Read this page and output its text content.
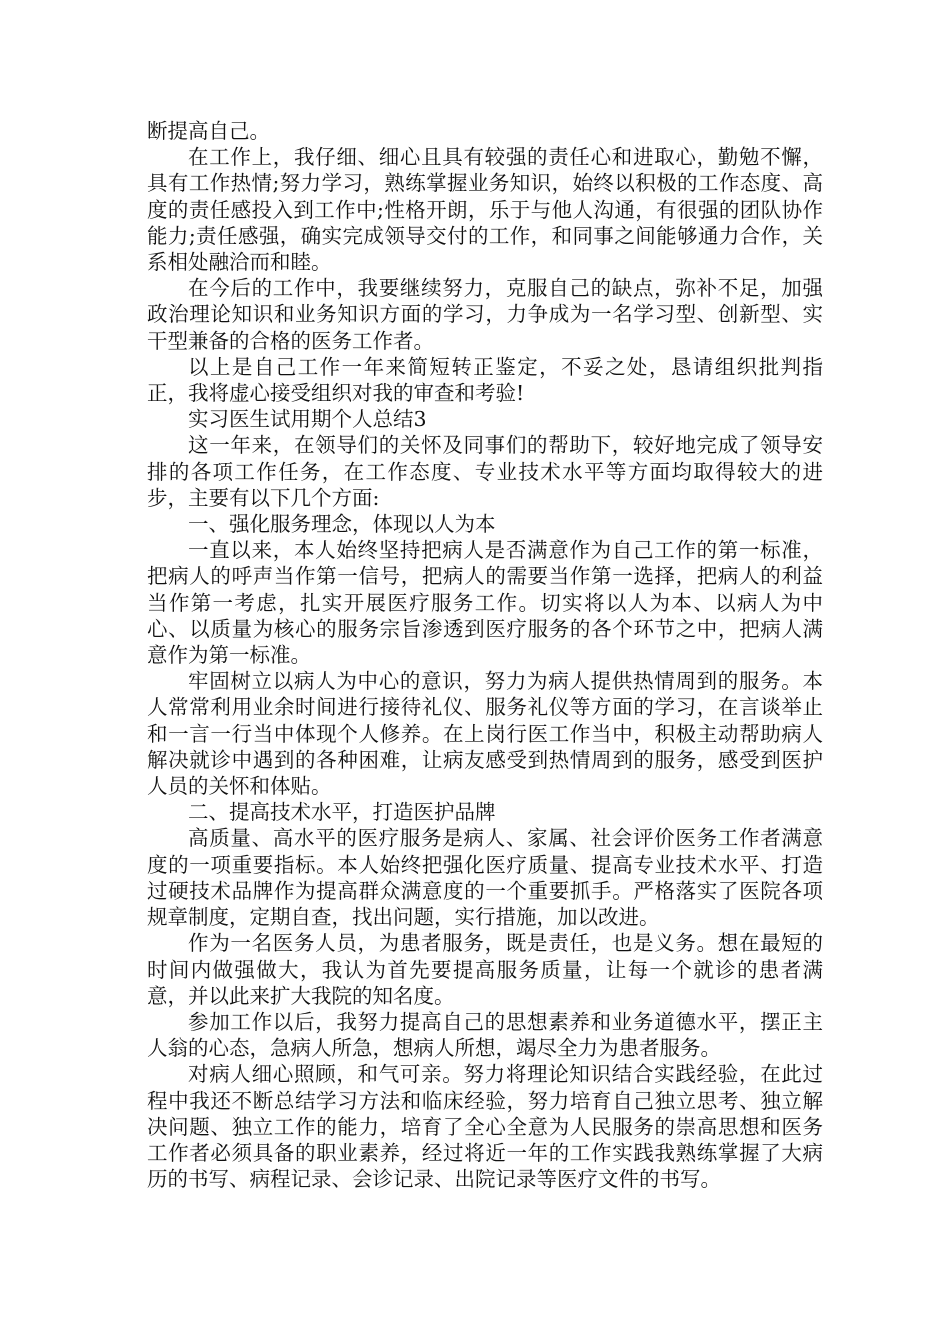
断提高自己。

在工作上，我仔细、细心且具有较强的责任心和进取心，勤勉不懈，具有工作热情;努力学习，熟练掌握业务知识，始终以积极的工作态度、高度的责任感投入到工作中;性格开朗，乐于与他人沟通，有很强的团队协作能力;责任感强，确实完成领导交付的工作，和同事之间能够通力合作，关系相处融洽而和睦。

在今后的工作中，我要继续努力，克服自己的缺点，弥补不足，加强政治理论知识和业务知识方面的学习，力争成为一名学习型、创新型、实干型兼备的合格的医务工作者。

以上是自己工作一年来简短转正鉴定，不妥之处，恳请组织批判指正，我将虚心接受组织对我的审查和考验!

实习医生试用期个人总结3

这一年来，在领导们的关怀及同事们的帮助下，较好地完成了领导安排的各项工作任务，在工作态度、专业技术水平等方面均取得较大的进步，主要有以下几个方面:

一、强化服务理念，体现以人为本

一直以来，本人始终坚持把病人是否满意作为自己工作的第一标准，把病人的呼声当作第一信号，把病人的需要当作第一选择，把病人的利益当作第一考虑，扎实开展医疗服务工作。切实将以人为本、以病人为中心、以质量为核心的服务宗旨渗透到医疗服务的各个环节之中，把病人满意作为第一标准。

牢固树立以病人为中心的意识，努力为病人提供热情周到的服务。本人常常利用业余时间进行接待礼仪、服务礼仪等方面的学习，在言谈举止和一言一行当中体现个人修养。在上岗行医工作当中，积极主动帮助病人解决就诊中遇到的各种困难，让病友感受到热情周到的服务，感受到医护人员的关怀和体贴。

二、提高技术水平，打造医护品牌

高质量、高水平的医疗服务是病人、家属、社会评价医务工作者满意度的一项重要指标。本人始终把强化医疗质量、提高专业技术水平、打造过硬技术品牌作为提高群众满意度的一个重要抓手。严格落实了医院各项规章制度，定期自查，找出问题，实行措施，加以改进。

作为一名医务人员，为患者服务，既是责任，也是义务。想在最短的时间内做强做大，我认为首先要提高服务质量，让每一个就诊的患者满意，并以此来扩大我院的知名度。

参加工作以后，我努力提高自己的思想素养和业务道德水平，摆正主人翁的心态，急病人所急，想病人所想，竭尽全力为患者服务。

对病人细心照顾，和气可亲。努力将理论知识结合实践经验，在此过程中我还不断总结学习方法和临床经验，努力培育自己独立思考、独立解决问题、独立工作的能力，培育了全心全意为人民服务的崇高思想和医务工作者必须具备的职业素养，经过将近一年的工作实践我熟练掌握了大病历的书写、病程记录、会诊记录、出院记录等医疗文件的书写。
